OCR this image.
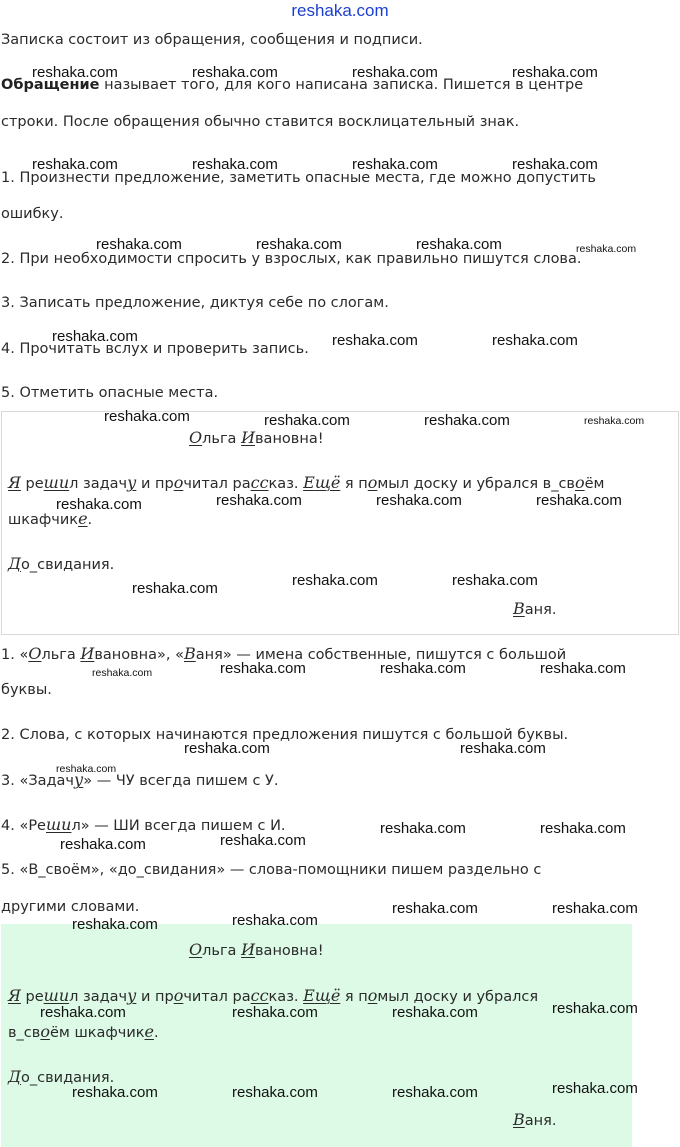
reshaka.com
Записка состоит из обращения, сообщения и подписи.
Обращение называет того, для кого написана записка. Пишется в центре
строки. После обращения обычно ставится восклицательный знак.
1. Произнести предложение, заметить опасные места, где можно допустить
ошибку.
2. При необходимости спросить у взрослых, как правильно пишутся слова.
3. Записать предложение, диктуя себе по слогам.
4. Прочитать вслух и проверить запись.
5. Отметить опасные места.
Ольга Ивановна!
Я решил задачу и прочитал рассказ. Ещё я помыл доску и убрался в_своём
шкафчике.
До_свидания.
Ваня.
1. «Ольга Ивановна», «Ваня» — имена собственные, пишутся с большой
буквы.
2. Слова, с которых начинаются предложения пишутся с большой буквы.
3. «Задачу» — ЧУ всегда пишем с У.
4. «Решил» — ШИ всегда пишем с И.
5. «В_своём», «до_свидания» — слова-помощники пишем раздельно с
другими словами.
Ольга Ивановна!
Я решил задачу и прочитал рассказ. Ещё я помыл доску и убрался
в_своём шкафчике.
До_свидания.
Ваня.
reshaka.com	reshaka.com	reshaka.com	reshaka.com
reshaka.com	reshaka.com	reshaka.com	reshaka.com
reshaka.com	reshaka.com	reshaka.com	reshaka.com
reshaka.com	reshaka.com	reshaka.com
reshaka.com	reshaka.com	reshaka.com	reshaka.com
reshaka.com	reshaka.com	reshaka.com	reshaka.com
reshaka.com	reshaka.com	reshaka.com
reshaka.com	reshaka.com	reshaka.com	reshaka.com
reshaka.com	reshaka.com
reshaka.com
reshaka.com	reshaka.com
reshaka.com	reshaka.com
reshaka.com	reshaka.com
reshaka.com	reshaka.com
reshaka.com	reshaka.com	reshaka.com	reshaka.com
reshaka.com	reshaka.com	reshaka.com	reshaka.com
